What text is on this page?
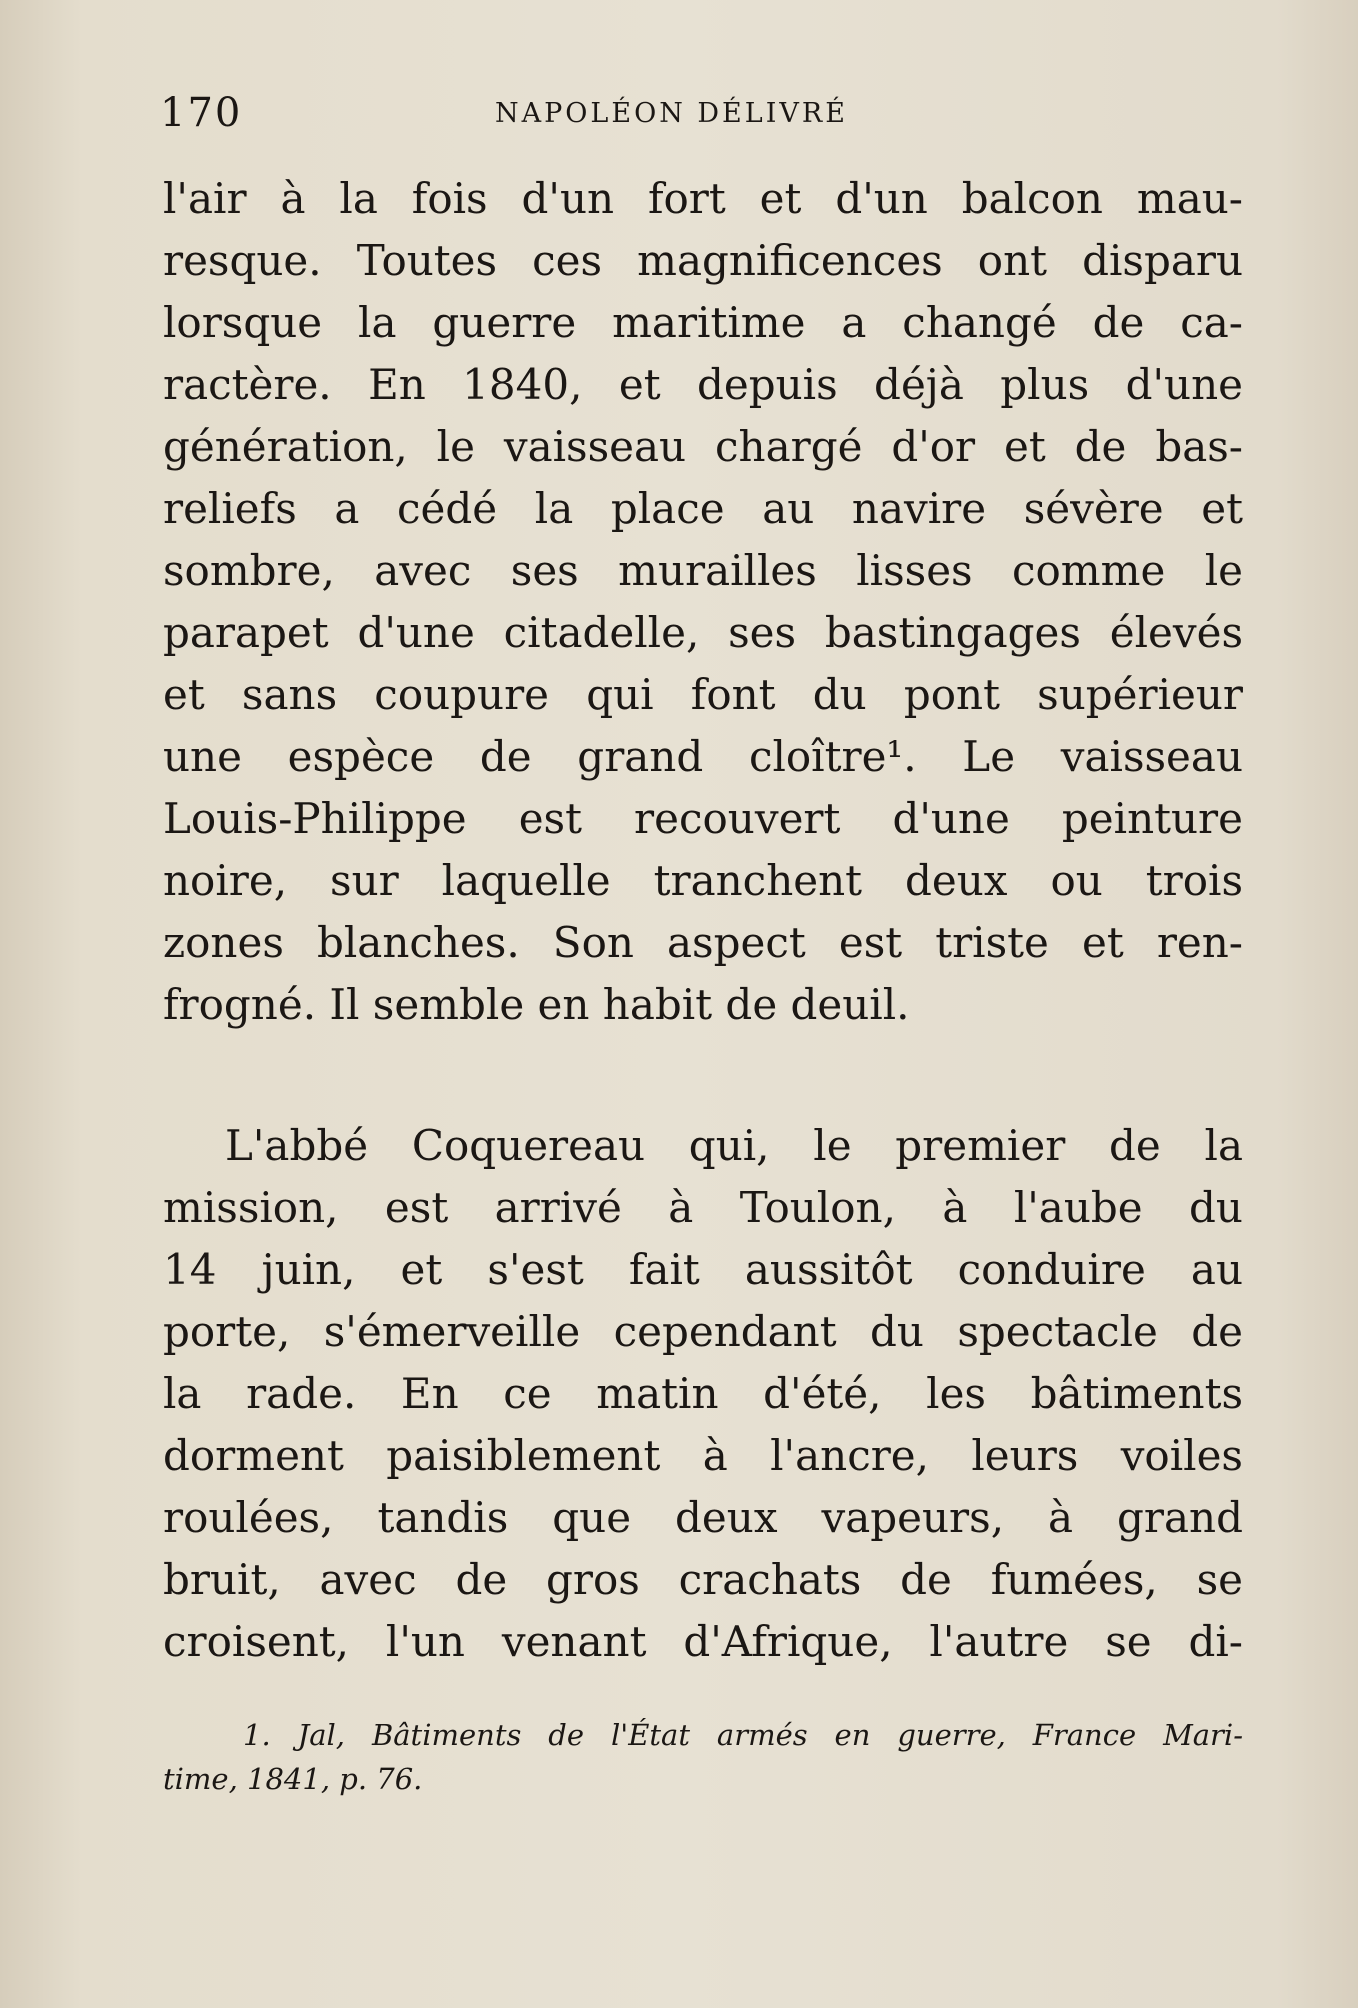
170	NAPOLÉON DÉLIVRÉ
l'air à la fois d'un fort et d'un balcon mau-
resque. Toutes ces magnificences ont disparu
lorsque la guerre maritime a changé de ca-
ractère. En 1840, et depuis déjà plus d'une
génération, le vaisseau chargé d'or et de bas-
reliefs a cédé la place au navire sévère et
sombre, avec ses murailles lisses comme le
parapet d'une citadelle, ses bastingages élevés
et sans coupure qui font du pont supérieur
une espèce de grand cloître¹. Le vaisseau
Louis-Philippe est recouvert d'une peinture
noire, sur laquelle tranchent deux ou trois
zones blanches. Son aspect est triste et ren-
frogné. Il semble en habit de deuil.
L'abbé Coquereau qui, le premier de la
mission, est arrivé à Toulon, à l'aube du
14 juin, et s'est fait aussitôt conduire au
porte, s'émerveille cependant du spectacle de
la rade. En ce matin d'été, les bâtiments
dorment paisiblement à l'ancre, leurs voiles
roulées, tandis que deux vapeurs, à grand
bruit, avec de gros crachats de fumées, se
croisent, l'un venant d'Afrique, l'autre se di-
1. Jal, Bâtiments de l'État armés en guerre, France Mari-
time, 1841, p. 76.
